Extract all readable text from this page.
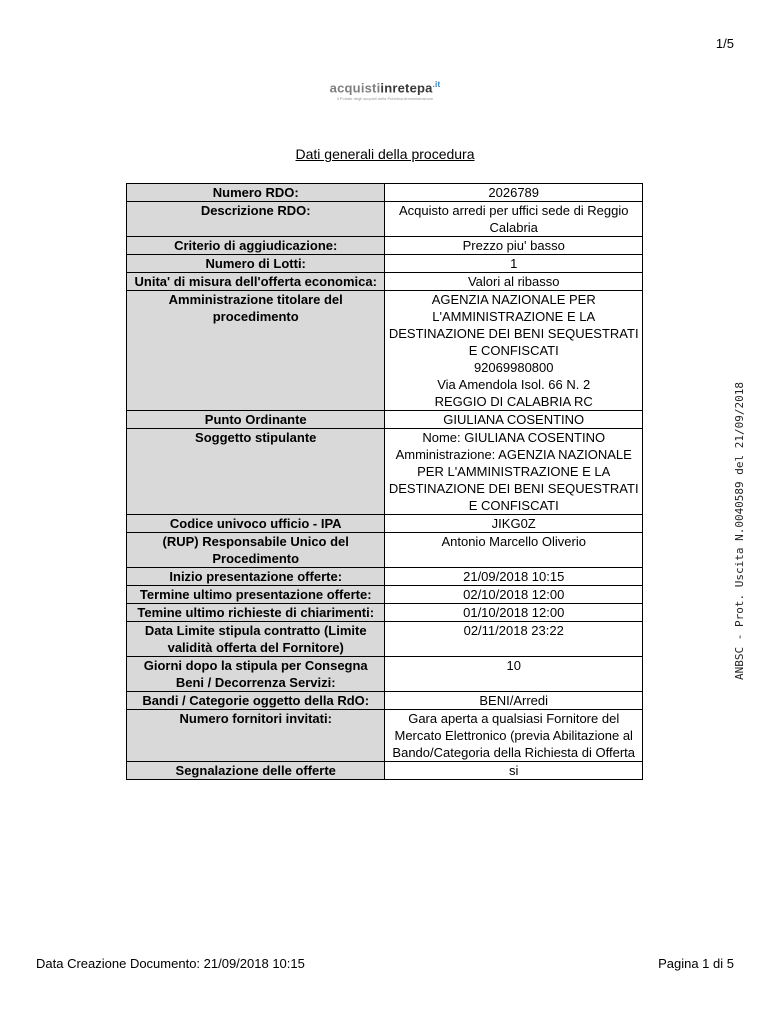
1/5
acquistiinretepa$^{.it}$
Il Portale degli acquisti della Pubblica Amministrazione
Dati generali della procedura
Numero RDO:	2026789
Descrizione RDO:	Acquisto arredi per uffici sede di Reggio Calabria
Criterio di aggiudicazione:	Prezzo piu' basso
Numero di Lotti:	1
Unita' di misura dell'offerta economica:	Valori al ribasso
Amministrazione titolare del procedimento	AGENZIA NAZIONALE PER L'AMMINISTRAZIONE E LA DESTINAZIONE DEI BENI SEQUESTRATI E CONFISCATI
92069980800
Via Amendola Isol. 66 N. 2
REGGIO DI CALABRIA RC
Punto Ordinante	GIULIANA COSENTINO
Soggetto stipulante	Nome: GIULIANA COSENTINO
Amministrazione: AGENZIA NAZIONALE PER L'AMMINISTRAZIONE E LA DESTINAZIONE DEI BENI SEQUESTRATI E CONFISCATI
Codice univoco ufficio - IPA	JIKG0Z
(RUP) Responsabile Unico del Procedimento	Antonio Marcello Oliverio
Inizio presentazione offerte:	21/09/2018 10:15
Termine ultimo presentazione offerte:	02/10/2018 12:00
Temine ultimo richieste di chiarimenti:	01/10/2018 12:00
Data Limite stipula contratto (Limite validità offerta del Fornitore)	02/11/2018 23:22
Giorni dopo la stipula per Consegna Beni / Decorrenza Servizi:	10
Bandi / Categorie oggetto della RdO:	BENI/Arredi
Numero fornitori invitati:	Gara aperta a qualsiasi Fornitore del Mercato Elettronico (previa Abilitazione al Bando/Categoria della Richiesta di Offerta
Segnalazione delle offerte	si
ANBSC - Prot. Uscita N.0040589 del 21/09/2018
Data Creazione Documento: 21/09/2018 10:15	Pagina 1 di 5
